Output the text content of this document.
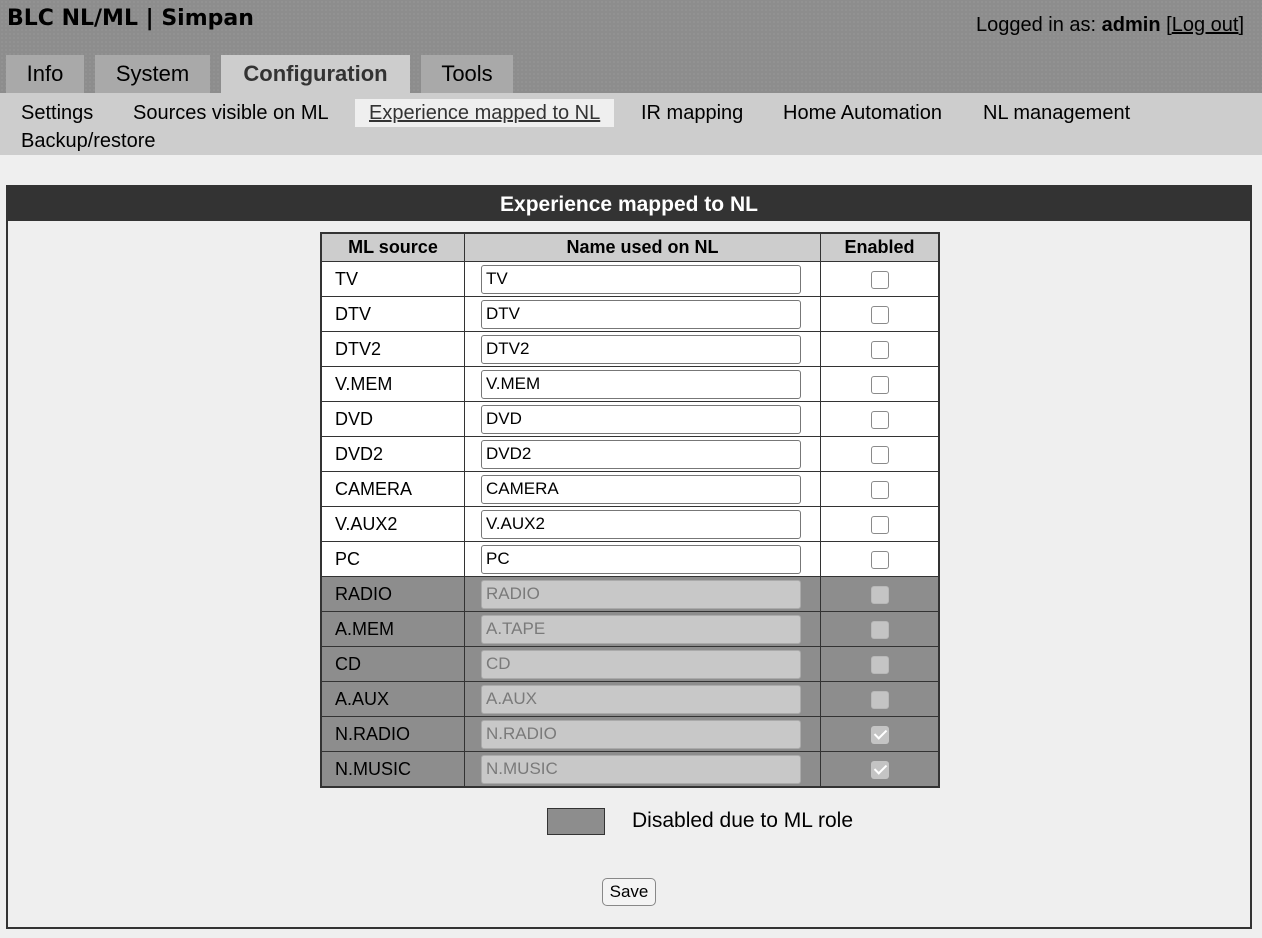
BLC NL/ML | Simpan	Logged in as: admin [Log out]
Info	System	Configuration	Tools
Settings Sources visible on ML	Experience mapped to NL	IR mapping Home Automation NL management
Backup/restore
Experience mapped to NL
ML source	Name used on NL	Enabled
TV	TV	
DTV	DTV	
DTV2	DTV2	
V.MEM	V.MEM	
DVD	DVD	
DVD2	DVD2	
CAMERA	CAMERA	
V.AUX2	V.AUX2	
PC	PC	
RADIO	RADIO	
A.MEM	A.TAPE	
CD	CD	
A.AUX	A.AUX	
N.RADIO	N.RADIO	
N.MUSIC	N.MUSIC	
Disabled due to ML role
Save
